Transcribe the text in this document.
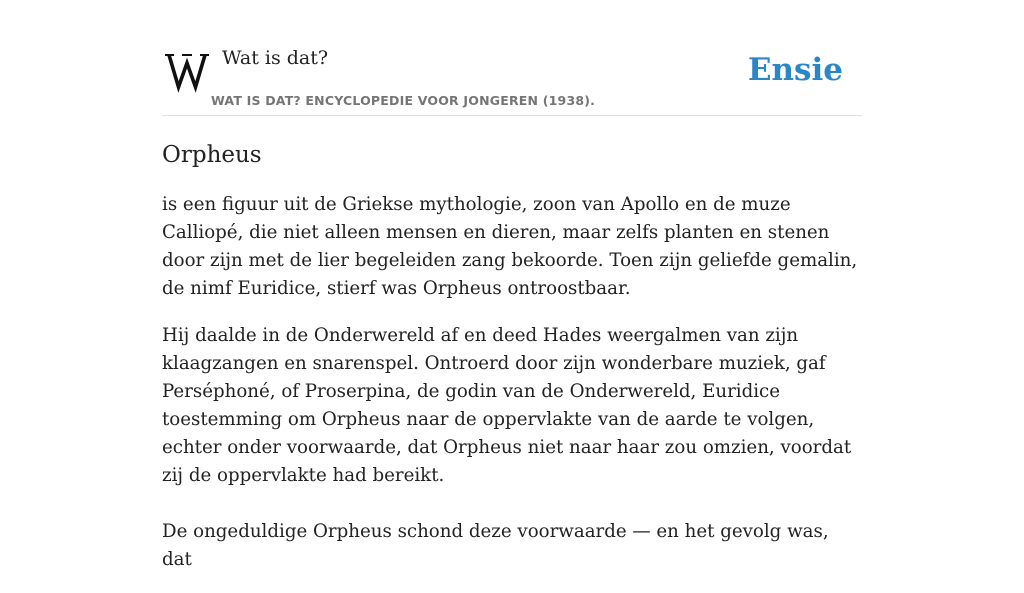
Wat is dat?
WAT IS DAT? ENCYCLOPEDIE VOOR JONGEREN (1938).
Ensie
Orpheus

is een figuur uit de Griekse mythologie, zoon van Apollo en de muze Calliopé, die niet alleen mensen en dieren, maar zelfs planten en stenen door zijn met de lier begeleiden zang bekoorde. Toen zijn geliefde gemalin, de nimf Euridice, stierf was Orpheus ontroostbaar.

Hij daalde in de Onderwereld af en deed Hades weergalmen van zijn klaagzangen en snarenspel. Ontroerd door zijn wonderbare muziek, gaf Perséphoné, of Proserpina, de godin van de Onderwereld, Euridice toestemming om Orpheus naar de oppervlakte van de aarde te volgen, echter onder voorwaarde, dat Orpheus niet naar haar zou omzien, voordat zij de oppervlakte had bereikt.

De ongeduldige Orpheus schond deze voorwaarde — en het gevolg was, dat
